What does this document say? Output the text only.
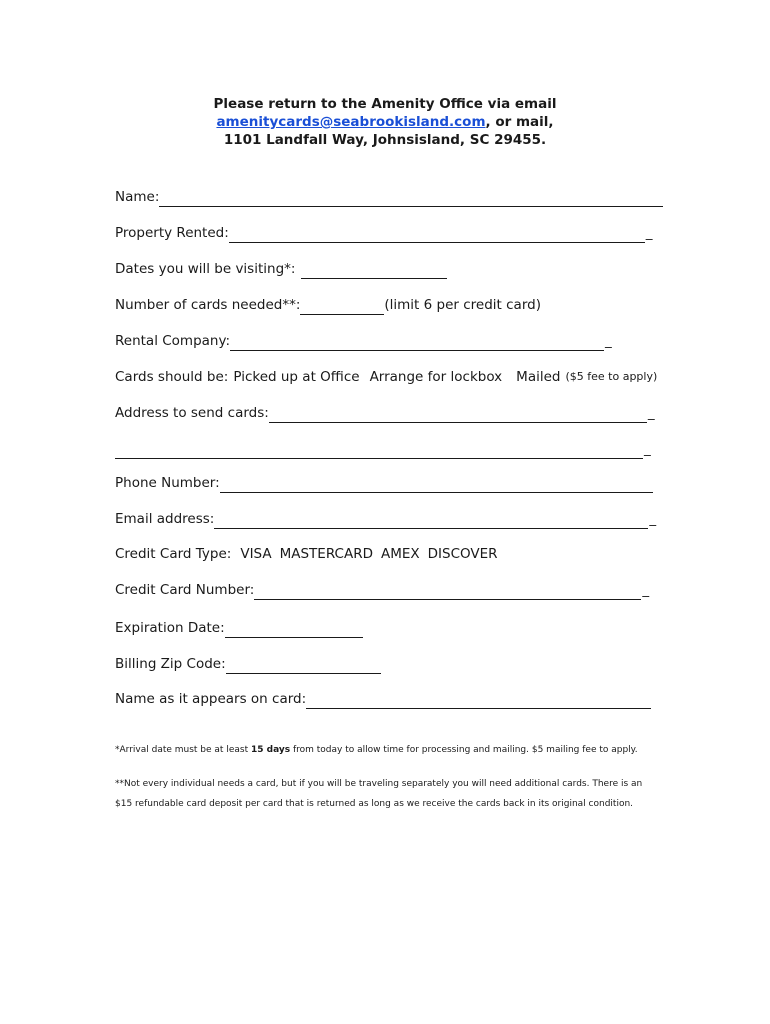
Please return to the Amenity Office via email
amenitycards@seabrookisland.com, or mail,
1101 Landfall Way, Johnsisland, SC 29455.
Name:
Property Rented:	_
Dates you will be visiting*:
Number of cards needed**:	(limit 6 per credit card)
Rental Company:	_
Cards should be: Picked up at Office Arrange for lockbox Mailed ($5 fee to apply)
Address to send cards:	_
_
Phone Number:
Email address:	_
Credit Card Type: VISA MASTERCARD AMEX DISCOVER
Credit Card Number:	_
Expiration Date:
Billing Zip Code:
Name as it appears on card:
*Arrival date must be at least 15 days from today to allow time for processing and mailing. $5 mailing fee to apply.
**Not every individual needs a card, but if you will be traveling separately you will need additional cards. There is an $15 refundable card deposit per card that is returned as long as we receive the cards back in its original condition.
